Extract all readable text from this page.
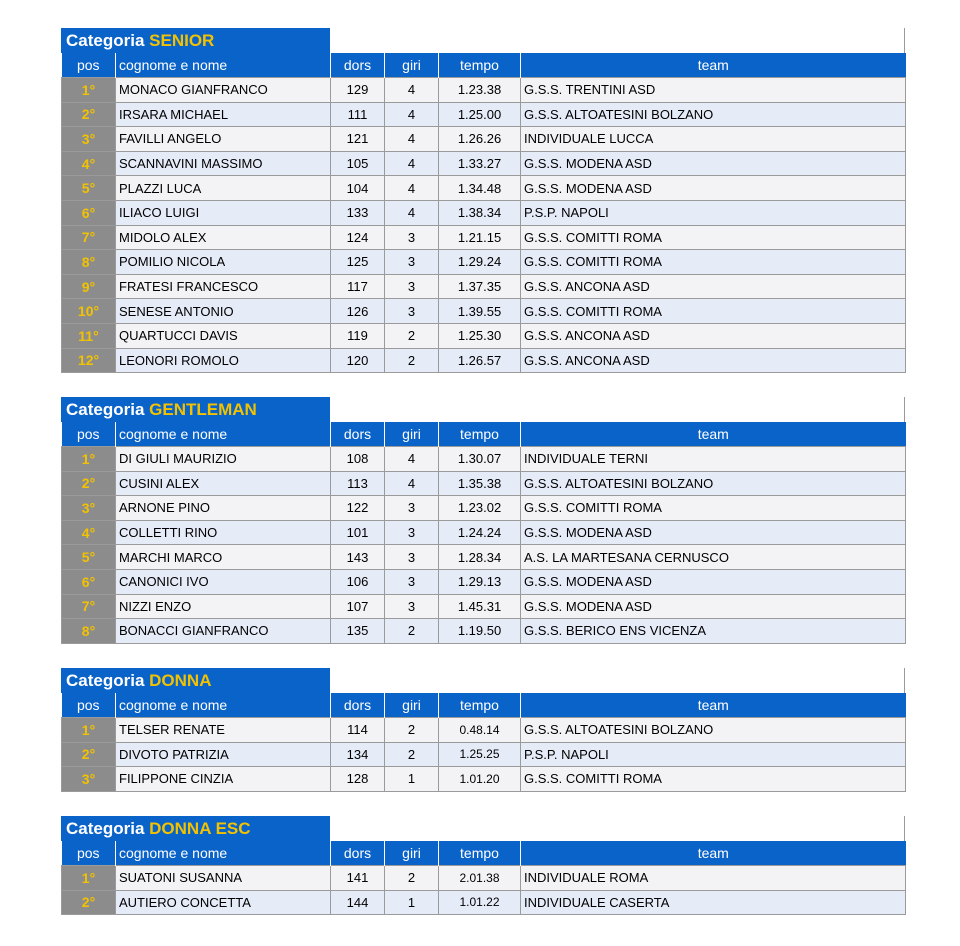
Categoria SENIOR
pos	cognome e nome	dors	giri	tempo	team
1°	MONACO GIANFRANCO	129	4	1.23.38	G.S.S. TRENTINI ASD
2°	IRSARA MICHAEL	111	4	1.25.00	G.S.S. ALTOATESINI BOLZANO
3°	FAVILLI ANGELO	121	4	1.26.26	INDIVIDUALE LUCCA
4°	SCANNAVINI MASSIMO	105	4	1.33.27	G.S.S. MODENA ASD
5°	PLAZZI LUCA	104	4	1.34.48	G.S.S. MODENA ASD
6°	ILIACO LUIGI	133	4	1.38.34	P.S.P. NAPOLI
7°	MIDOLO ALEX	124	3	1.21.15	G.S.S. COMITTI ROMA
8°	POMILIO NICOLA	125	3	1.29.24	G.S.S. COMITTI ROMA
9°	FRATESI FRANCESCO	117	3	1.37.35	G.S.S. ANCONA ASD
10°	SENESE ANTONIO	126	3	1.39.55	G.S.S. COMITTI ROMA
11°	QUARTUCCI DAVIS	119	2	1.25.30	G.S.S. ANCONA ASD
12°	LEONORI ROMOLO	120	2	1.26.57	G.S.S. ANCONA ASD
Categoria GENTLEMAN
pos	cognome e nome	dors	giri	tempo	team
1°	DI GIULI MAURIZIO	108	4	1.30.07	INDIVIDUALE TERNI
2°	CUSINI ALEX	113	4	1.35.38	G.S.S. ALTOATESINI BOLZANO
3°	ARNONE PINO	122	3	1.23.02	G.S.S. COMITTI ROMA
4°	COLLETTI RINO	101	3	1.24.24	G.S.S. MODENA ASD
5°	MARCHI MARCO	143	3	1.28.34	A.S. LA MARTESANA CERNUSCO
6°	CANONICI IVO	106	3	1.29.13	G.S.S. MODENA ASD
7°	NIZZI ENZO	107	3	1.45.31	G.S.S. MODENA ASD
8°	BONACCI GIANFRANCO	135	2	1.19.50	G.S.S. BERICO ENS VICENZA
Categoria DONNA
pos	cognome e nome	dors	giri	tempo	team
1°	TELSER RENATE	114	2	0.48.14	G.S.S. ALTOATESINI BOLZANO
2°	DIVOTO PATRIZIA	134	2	1.25.25	P.S.P. NAPOLI
3°	FILIPPONE CINZIA	128	1	1.01.20	G.S.S. COMITTI ROMA
Categoria DONNA ESC
pos	cognome e nome	dors	giri	tempo	team
1°	SUATONI SUSANNA	141	2	2.01.38	INDIVIDUALE ROMA
2°	AUTIERO CONCETTA	144	1	1.01.22	INDIVIDUALE CASERTA
